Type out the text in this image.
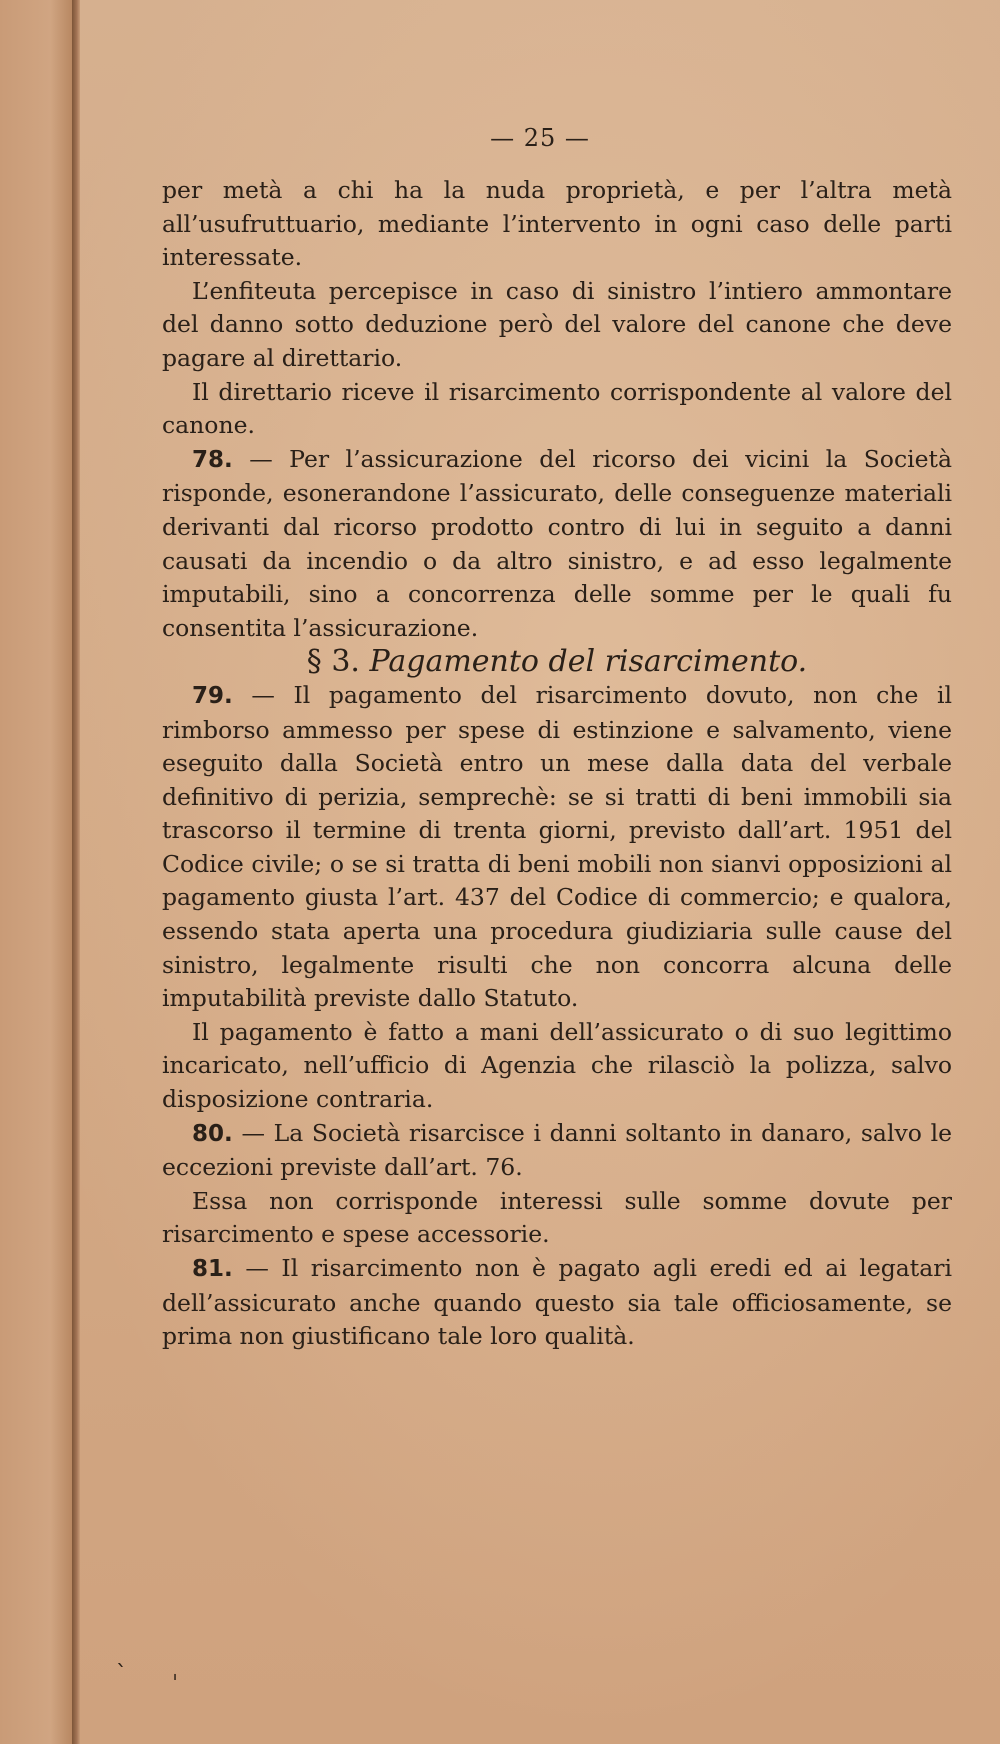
— 25 —

per metà a chi ha la nuda proprietà, e per l’altra metà all’usufruttuario, mediante l’intervento in ogni caso delle parti interessate.

L’enfiteuta percepisce in caso di sinistro l’intiero ammontare del danno sotto deduzione però del valore del canone che deve pagare al direttario.

Il direttario riceve il risarcimento corrispondente al valore del canone.

78. — Per l’assicurazione del ricorso dei vicini la Società risponde, esonerandone l’assicurato, delle conseguenze materiali derivanti dal ricorso prodotto contro di lui in seguito a danni causati da incendio o da altro sinistro, e ad esso legalmente imputabili, sino a concorrenza delle somme per le quali fu consentita l’assicurazione.

§ 3. Pagamento del risarcimento.

79. — Il pagamento del risarcimento dovuto, non che il rimborso ammesso per spese di estinzione e salvamento, viene eseguito dalla Società entro un mese dalla data del verbale definitivo di perizia, semprechè: se si tratti di beni immobili sia trascorso il termine di trenta giorni, previsto dall’art. 1951 del Codice civile; o se si tratta di beni mobili non sianvi opposizioni al pagamento giusta l’art. 437 del Codice di commercio; e qualora, essendo stata aperta una procedura giudiziaria sulle cause del sinistro, legalmente risulti che non concorra alcuna delle imputabilità previste dallo Statuto.

Il pagamento è fatto a mani dell’assicurato o di suo legittimo incaricato, nell’ufficio di Agenzia che rilasciò la polizza, salvo disposizione contraria.

80. — La Società risarcisce i danni soltanto in danaro, salvo le eccezioni previste dall’art. 76.

Essa non corrisponde interessi sulle somme dovute per risarcimento e spese accessorie.

81. — Il risarcimento non è pagato agli eredi ed ai legatari dell’assicurato anche quando questo sia tale officiosamente, se prima non giustificano tale loro qualità.

ˋ ˈ
